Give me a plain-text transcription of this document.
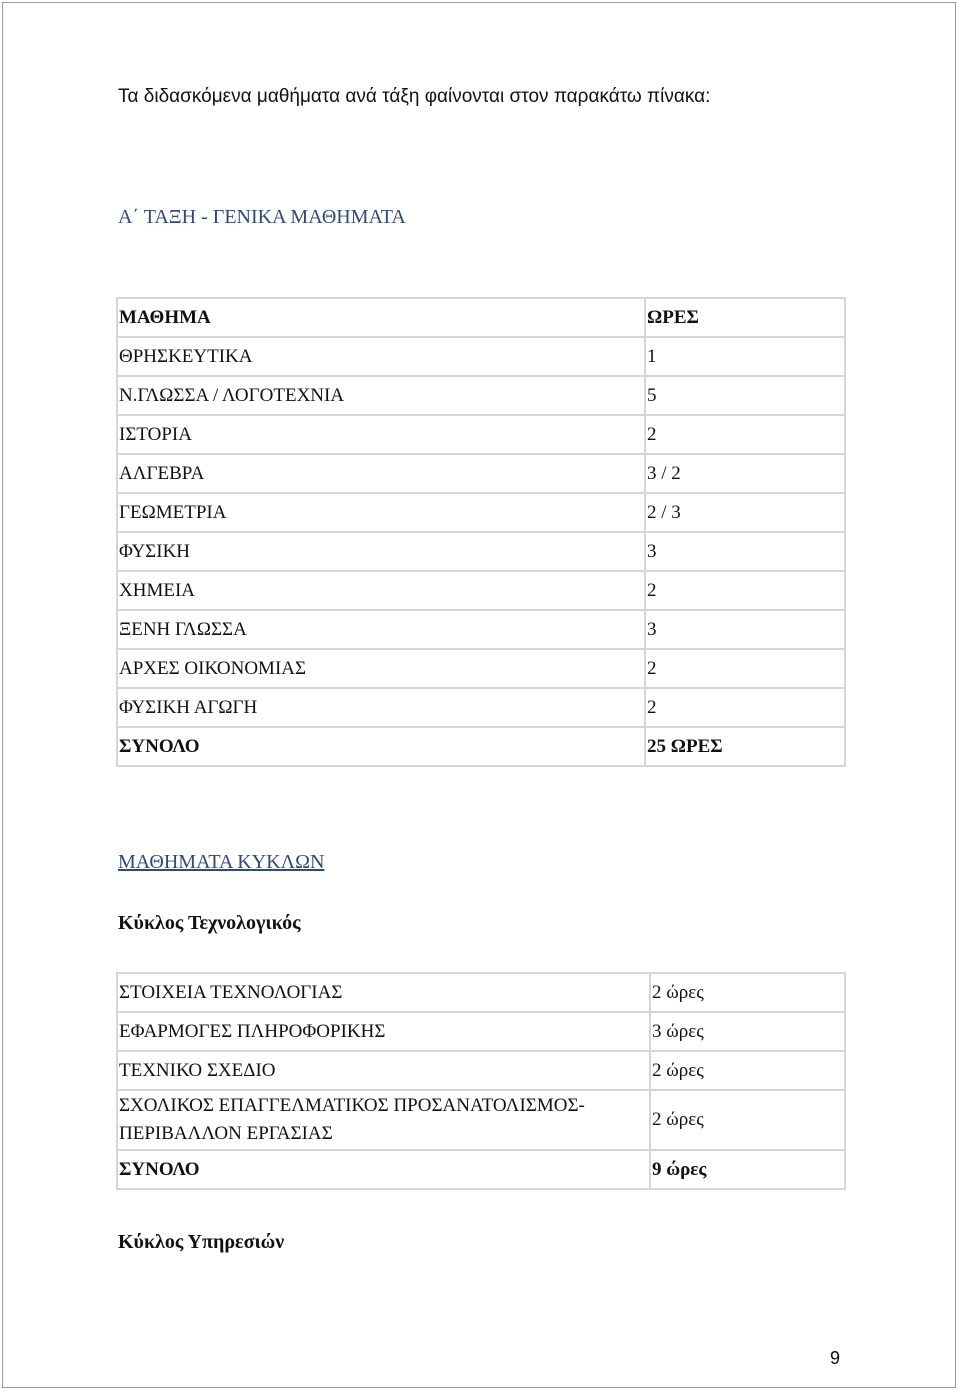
Τα διδασκόμενα μαθήματα ανά τάξη φαίνονται στον παρακάτω πίνακα:
Α΄ ΤΑΞΗ - ΓΕΝΙΚΑ ΜΑΘΗΜΑΤΑ
ΜΑΘΗΜΑ	ΩΡΕΣ
ΘΡΗΣΚΕΥΤΙΚΑ	1
Ν.ΓΛΩΣΣΑ / ΛΟΓΟΤΕΧΝΙΑ	5
ΙΣΤΟΡΙΑ	2
ΑΛΓΕΒΡΑ	3 / 2
ΓΕΩΜΕΤΡΙΑ	2 / 3
ΦΥΣΙΚΗ	3
ΧΗΜΕΙΑ	2
ΞΕΝΗ ΓΛΩΣΣΑ	3
ΑΡΧΕΣ ΟΙΚΟΝΟΜΙΑΣ	2
ΦΥΣΙΚΗ ΑΓΩΓΗ	2
ΣΥΝΟΛΟ	25 ΩΡΕΣ
ΜΑΘΗΜΑΤΑ ΚΥΚΛΩΝ
Κύκλος Τεχνολογικός
ΣΤΟΙΧΕΙΑ ΤΕΧΝΟΛΟΓΙΑΣ	2 ώρες
ΕΦΑΡΜΟΓΕΣ ΠΛΗΡΟΦΟΡΙΚΗΣ	3 ώρες
ΤΕΧΝΙΚΟ ΣΧΕΔΙΟ	2 ώρες
ΣΧΟΛΙΚΟΣ ΕΠΑΓΓΕΛΜΑΤΙΚΟΣ ΠΡΟΣΑΝΑΤΟΛΙΣΜΟΣ-
ΠΕΡΙΒΑΛΛΟΝ ΕΡΓΑΣΙΑΣ	2 ώρες
ΣΥΝΟΛΟ	9 ώρες
Κύκλος Υπηρεσιών
9
